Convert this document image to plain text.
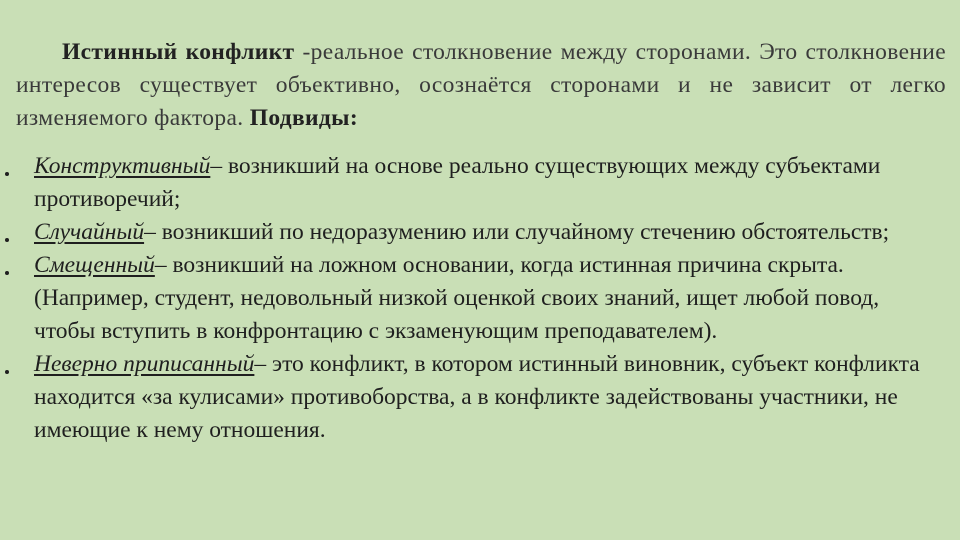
Истинный конфликт -реальное столкновение между сторонами. Это столкновение интересов существует объективно, осознаётся сторонами и не зависит от легко изменяемого фактора. Подвиды:

Конструктивный– возникший на основе реально существующих между субъектами противоречий;
Случайный– возникший по недоразумению или случайному стечению обстоятельств;
Смещенный– возникший на ложном основании, когда истинная причина скрыта. (Например, студент, недовольный низкой оценкой своих знаний, ищет любой повод, чтобы вступить в конфронтацию с экзаменующим преподавателем).
Неверно приписанный– это конфликт, в котором истинный виновник, субъект конфликта находится «за кулисами» противоборства, а в конфликте задействованы участники, не имеющие к нему отношения.
